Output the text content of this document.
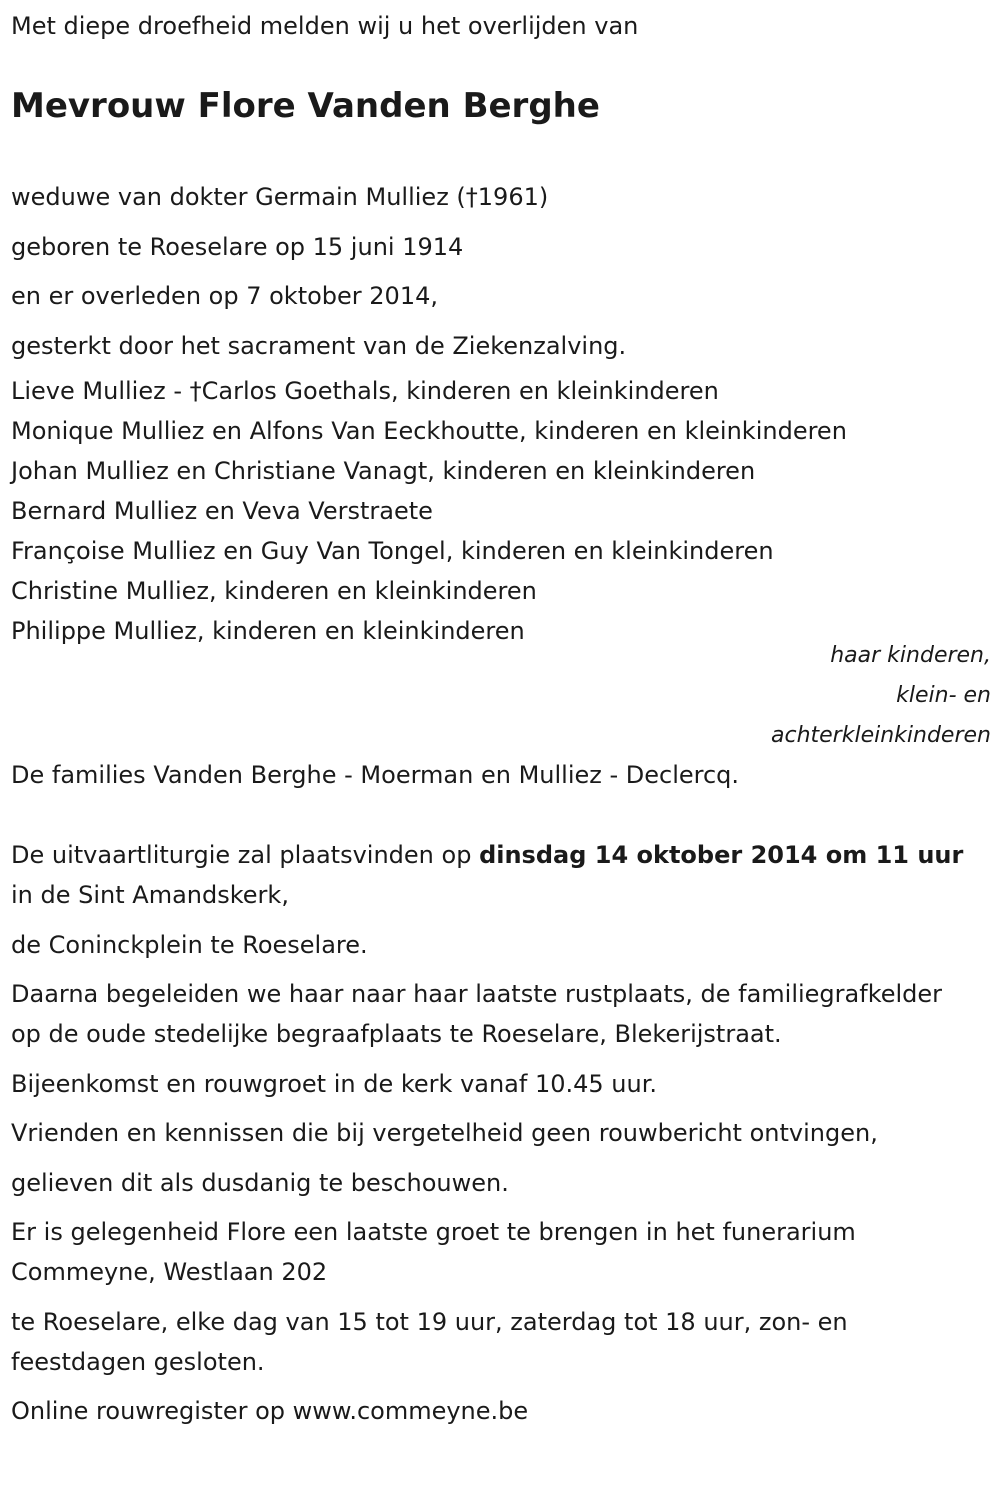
Met diepe droefheid melden wij u het overlijden van
Mevrouw Flore Vanden Berghe
weduwe van dokter Germain Mulliez (†1961)
geboren te Roeselare op 15 juni 1914
en er overleden op 7 oktober 2014,
gesterkt door het sacrament van de Ziekenzalving.
Lieve Mulliez - †Carlos Goethals, kinderen en kleinkinderen
Monique Mulliez en Alfons Van Eeckhoutte, kinderen en kleinkinderen
Johan Mulliez en Christiane Vanagt, kinderen en kleinkinderen
Bernard Mulliez en Veva Verstraete
Françoise Mulliez en Guy Van Tongel, kinderen en kleinkinderen
Christine Mulliez, kinderen en kleinkinderen
Philippe Mulliez, kinderen en kleinkinderen
haar kinderen,
klein- en
achterkleinkinderen
De families Vanden Berghe - Moerman en Mulliez - Declercq.
De uitvaartliturgie zal plaatsvinden op dinsdag 14 oktober 2014 om 11 uur in de Sint Amandskerk,
de Coninckplein te Roeselare.
Daarna begeleiden we haar naar haar laatste rustplaats, de familiegrafkelder op de oude stedelijke begraafplaats te Roeselare, Blekerijstraat.
Bijeenkomst en rouwgroet in de kerk vanaf 10.45 uur.
Vrienden en kennissen die bij vergetelheid geen rouwbericht ontvingen,
gelieven dit als dusdanig te beschouwen.
Er is gelegenheid Flore een laatste groet te brengen in het funerarium Commeyne, Westlaan 202
te Roeselare, elke dag van 15 tot 19 uur, zaterdag tot 18 uur, zon- en feestdagen gesloten.
Online rouwregister op www.commeyne.be
